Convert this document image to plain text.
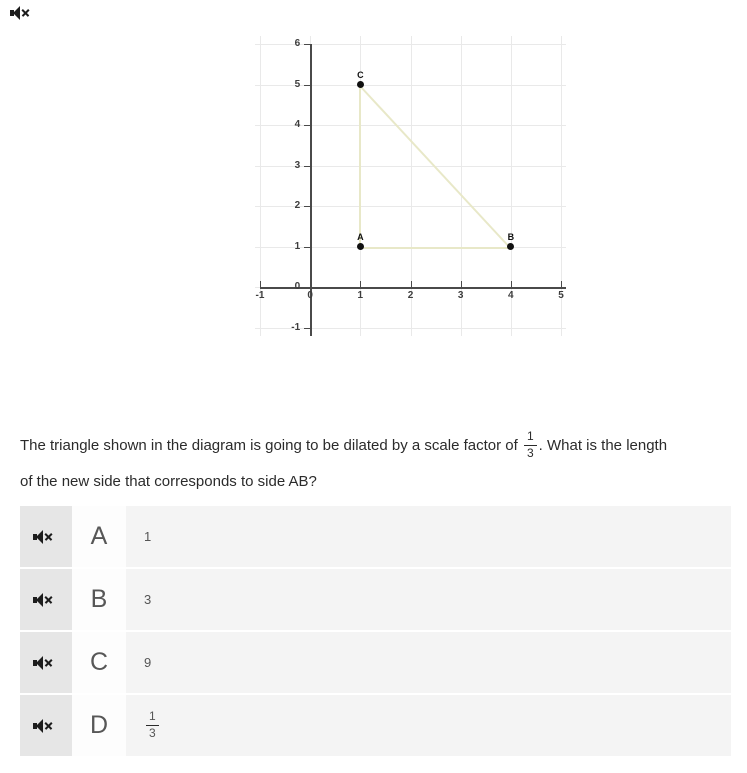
-1
0
1
2
3
4
5
6
-1	0	1	2	3	4	5
A	B
C
The triangle shown in the diagram is going to be dilated by a scale factor of $\frac{1}{3}$ . What is the length
of the new side that corresponds to side AB?
A	1
B	3
C	9
D	$\frac{1}{3}$
